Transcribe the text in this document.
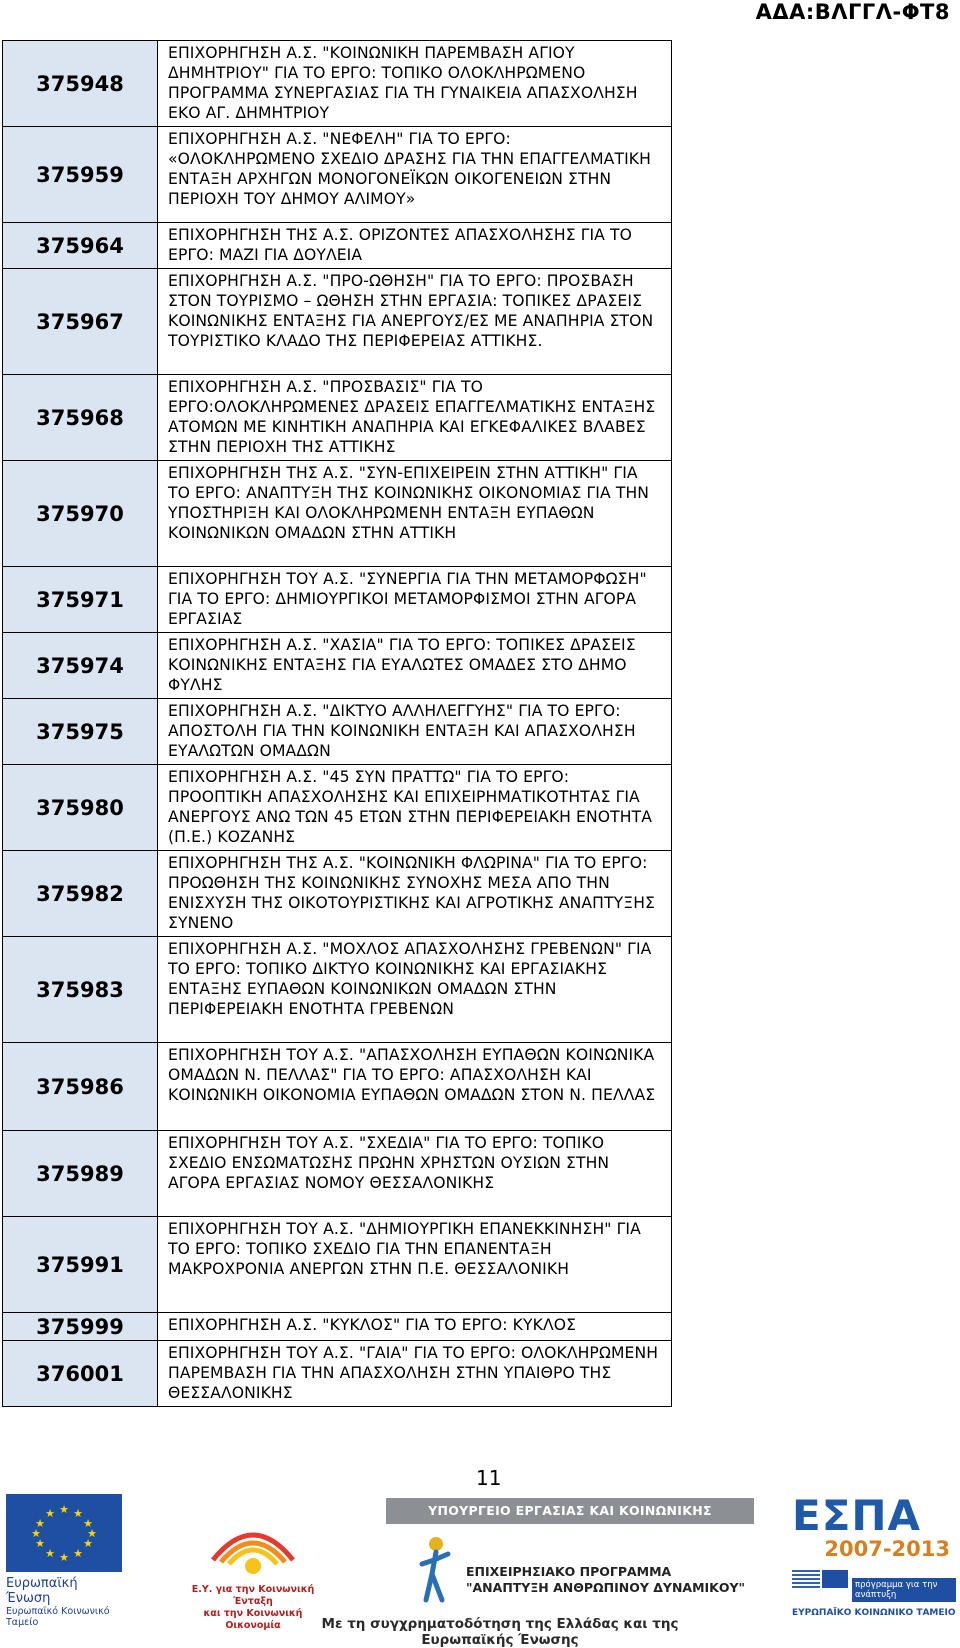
ΑΔΑ:ΒΛΓΓΛ-ΦΤ8
375948	ΕΠΙΧΟΡΗΓΗΣΗ Α.Σ. "ΚΟΙΝΩΝΙΚΗ ΠΑΡΕΜΒΑΣΗ ΑΓΙΟΥ ΔΗΜΗΤΡΙΟΥ" ΓΙΑ ΤΟ ΕΡΓΟ: ΤΟΠΙΚΟ ΟΛΟΚΛΗΡΩΜΕΝΟ ΠΡΟΓΡΑΜΜΑ ΣΥΝΕΡΓΑΣΙΑΣ ΓΙΑ ΤΗ ΓΥΝΑΙΚΕΙΑ ΑΠΑΣΧΟΛΗΣΗ ΕΚΟ ΑΓ. ΔΗΜΗΤΡΙΟΥ
375959	ΕΠΙΧΟΡΗΓΗΣΗ Α.Σ. "ΝΕΦΕΛΗ" ΓΙΑ ΤΟ ΕΡΓΟ: «ΟΛΟΚΛΗΡΩΜΕΝΟ ΣΧΕΔΙΟ ΔΡΑΣΗΣ ΓΙΑ ΤΗΝ ΕΠΑΓΓΕΛΜΑΤΙΚΗ ΕΝΤΑΞΗ ΑΡΧΗΓΩΝ ΜΟΝΟΓΟΝΕΪΚΩΝ ΟΙΚΟΓΕΝΕΙΩΝ ΣΤΗΝ ΠΕΡΙΟΧΗ ΤΟΥ ΔΗΜΟΥ ΑΛΙΜΟΥ»
375964	ΕΠΙΧΟΡΗΓΗΣΗ ΤΗΣ Α.Σ. ΟΡΙΖΟΝΤΕΣ ΑΠΑΣΧΟΛΗΣΗΣ ΓΙΑ ΤΟ ΕΡΓΟ: ΜΑΖΙ ΓΙΑ ΔΟΥΛΕΙΑ
375967	ΕΠΙΧΟΡΗΓΗΣΗ Α.Σ. "ΠΡΟ-ΩΘΗΣΗ" ΓΙΑ ΤΟ ΕΡΓΟ: ΠΡΟΣΒΑΣΗ ΣΤΟΝ ΤΟΥΡΙΣΜΟ – ΩΘΗΣΗ ΣΤΗΝ ΕΡΓΑΣΙΑ: ΤΟΠΙΚΕΣ ΔΡΑΣΕΙΣ ΚΟΙΝΩΝΙΚΗΣ ΕΝΤΑΞΗΣ ΓΙΑ ΑΝΕΡΓΟΥΣ/ΕΣ ΜΕ ΑΝΑΠΗΡΙΑ ΣΤΟΝ ΤΟΥΡΙΣΤΙΚΟ ΚΛΑΔΟ ΤΗΣ ΠΕΡΙΦΕΡΕΙΑΣ ΑΤΤΙΚΗΣ.
375968	ΕΠΙΧΟΡΗΓΗΣΗ Α.Σ. "ΠΡΟΣΒΑΣΙΣ" ΓΙΑ ΤΟ ΕΡΓΟ:ΟΛΟΚΛΗΡΩΜΕΝΕΣ ΔΡΑΣΕΙΣ ΕΠΑΓΓΕΛΜΑΤΙΚΗΣ ΕΝΤΑΞΗΣ ΑΤΟΜΩΝ ΜΕ ΚΙΝΗΤΙΚΗ ΑΝΑΠΗΡΙΑ ΚΑΙ ΕΓΚΕΦΑΛΙΚΕΣ ΒΛΑΒΕΣ ΣΤΗΝ ΠΕΡΙΟΧΗ ΤΗΣ ΑΤΤΙΚΗΣ
375970	ΕΠΙΧΟΡΗΓΗΣΗ ΤΗΣ Α.Σ. "ΣΥΝ-ΕΠΙΧΕΙΡΕΙΝ ΣΤΗΝ ΑΤΤΙΚΗ" ΓΙΑ ΤΟ ΕΡΓΟ: ΑΝΑΠΤΥΞΗ ΤΗΣ ΚΟΙΝΩΝΙΚΗΣ ΟΙΚΟΝΟΜΙΑΣ ΓΙΑ ΤΗΝ ΥΠΟΣΤΗΡΙΞΗ ΚΑΙ ΟΛΟΚΛΗΡΩΜΕΝΗ ΕΝΤΑΞΗ ΕΥΠΑΘΩΝ ΚΟΙΝΩΝΙΚΩΝ ΟΜΑΔΩΝ ΣΤΗΝ ΑΤΤΙΚΗ
375971	ΕΠΙΧΟΡΗΓΗΣΗ ΤΟΥ Α.Σ. "ΣΥΝΕΡΓΙΑ ΓΙΑ ΤΗΝ ΜΕΤΑΜΟΡΦΩΣΗ" ΓΙΑ ΤΟ ΕΡΓΟ: ΔΗΜΙΟΥΡΓΙΚΟΙ ΜΕΤΑΜΟΡΦΙΣΜΟΙ ΣΤΗΝ ΑΓΟΡΑ ΕΡΓΑΣΙΑΣ
375974	ΕΠΙΧΟΡΗΓΗΣΗ Α.Σ. "ΧΑΣΙΑ" ΓΙΑ ΤΟ ΕΡΓΟ: ΤΟΠΙΚΕΣ ΔΡΑΣΕΙΣ ΚΟΙΝΩΝΙΚΗΣ ΕΝΤΑΞΗΣ ΓΙΑ ΕΥΑΛΩΤΕΣ ΟΜΑΔΕΣ ΣΤΟ ΔΗΜΟ ΦΥΛΗΣ
375975	ΕΠΙΧΟΡΗΓΗΣΗ Α.Σ. "ΔΙΚΤΥΟ ΑΛΛΗΛΕΓΓΥΗΣ" ΓΙΑ ΤΟ ΕΡΓΟ: ΑΠΟΣΤΟΛΗ ΓΙΑ ΤΗΝ ΚΟΙΝΩΝΙΚΗ ΕΝΤΑΞΗ ΚΑΙ ΑΠΑΣΧΟΛΗΣΗ ΕΥΑΛΩΤΩΝ ΟΜΑΔΩΝ
375980	ΕΠΙΧΟΡΗΓΗΣΗ Α.Σ. "45 ΣΥΝ ΠΡΑΤΤΩ" ΓΙΑ ΤΟ ΕΡΓΟ: ΠΡΟΟΠΤΙΚΗ ΑΠΑΣΧΟΛΗΣΗΣ ΚΑΙ ΕΠΙΧΕΙΡΗΜΑΤΙΚΟΤΗΤΑΣ ΓΙΑ ΑΝΕΡΓΟΥΣ ΑΝΩ ΤΩΝ 45 ΕΤΩΝ ΣΤΗΝ ΠΕΡΙΦΕΡΕΙΑΚΗ ΕΝΟΤΗΤΑ (Π.Ε.) ΚΟΖΑΝΗΣ
375982	ΕΠΙΧΟΡΗΓΗΣΗ ΤΗΣ Α.Σ. "ΚΟΙΝΩΝΙΚΗ ΦΛΩΡΙΝΑ" ΓΙΑ ΤΟ ΕΡΓΟ: ΠΡΟΩΘΗΣΗ ΤΗΣ ΚΟΙΝΩΝΙΚΗΣ ΣΥΝΟΧΗΣ ΜΕΣΑ ΑΠΟ ΤΗΝ ΕΝΙΣΧΥΣΗ ΤΗΣ ΟΙΚΟΤΟΥΡΙΣΤΙΚΗΣ ΚΑΙ ΑΓΡΟΤΙΚΗΣ ΑΝΑΠΤΥΞΗΣ ΣΥΝΕΝΟ
375983	ΕΠΙΧΟΡΗΓΗΣΗ Α.Σ. "ΜΟΧΛΟΣ ΑΠΑΣΧΟΛΗΣΗΣ ΓΡΕΒΕΝΩΝ" ΓΙΑ ΤΟ ΕΡΓΟ: ΤΟΠΙΚΟ ΔΙΚΤΥΟ ΚΟΙΝΩΝΙΚΗΣ ΚΑΙ ΕΡΓΑΣΙΑΚΗΣ ΕΝΤΑΞΗΣ ΕΥΠΑΘΩΝ ΚΟΙΝΩΝΙΚΩΝ ΟΜΑΔΩΝ ΣΤΗΝ ΠΕΡΙΦΕΡΕΙΑΚΗ ΕΝΟΤΗΤΑ ΓΡΕΒΕΝΩΝ
375986	ΕΠΙΧΟΡΗΓΗΣΗ ΤΟΥ Α.Σ. "ΑΠΑΣΧΟΛΗΣΗ ΕΥΠΑΘΩΝ ΚΟΙΝΩΝΙΚΑ ΟΜΑΔΩΝ Ν. ΠΕΛΛΑΣ" ΓΙΑ ΤΟ ΕΡΓΟ: ΑΠΑΣΧΟΛΗΣΗ ΚΑΙ ΚΟΙΝΩΝΙΚΗ ΟΙΚΟΝΟΜΙΑ ΕΥΠΑΘΩΝ ΟΜΑΔΩΝ ΣΤΟΝ Ν. ΠΕΛΛΑΣ
375989	ΕΠΙΧΟΡΗΓΗΣΗ ΤΟΥ Α.Σ. "ΣΧΕΔΙΑ" ΓΙΑ ΤΟ ΕΡΓΟ: ΤΟΠΙΚΟ ΣΧΕΔΙΟ ΕΝΣΩΜΑΤΩΣΗΣ ΠΡΩΗΝ ΧΡΗΣΤΩΝ ΟΥΣΙΩΝ ΣΤΗΝ ΑΓΟΡΑ ΕΡΓΑΣΙΑΣ ΝΟΜΟΥ ΘΕΣΣΑΛΟΝΙΚΗΣ
375991	ΕΠΙΧΟΡΗΓΗΣΗ ΤΟΥ Α.Σ. "ΔΗΜΙΟΥΡΓΙΚΗ ΕΠΑΝΕΚΚΙΝΗΣΗ" ΓΙΑ ΤΟ ΕΡΓΟ: ΤΟΠΙΚΟ ΣΧΕΔΙΟ ΓΙΑ ΤΗΝ ΕΠΑΝΕΝΤΑΞΗ ΜΑΚΡΟΧΡΟΝΙΑ ΑΝΕΡΓΩΝ ΣΤΗΝ Π.Ε. ΘΕΣΣΑΛΟΝΙΚΗ
375999	ΕΠΙΧΟΡΗΓΗΣΗ Α.Σ. "ΚΥΚΛΟΣ" ΓΙΑ ΤΟ ΕΡΓΟ: ΚΥΚΛΟΣ
376001	ΕΠΙΧΟΡΗΓΗΣΗ ΤΟΥ Α.Σ. "ΓΑΙΑ" ΓΙΑ ΤΟ ΕΡΓΟ: ΟΛΟΚΛΗΡΩΜΕΝΗ ΠΑΡΕΜΒΑΣΗ ΓΙΑ ΤΗΝ ΑΠΑΣΧΟΛΗΣΗ ΣΤΗΝ ΥΠΑΙΘΡΟ ΤΗΣ ΘΕΣΣΑΛΟΝΙΚΗΣ
11
★ ★
★
★
★
★
★
★
★
★
★
★
Ευρωπαϊκή Ένωση
Ευρωπαϊκό Κοινωνικό Ταμείο
Ε.Υ. για την Κοινωνική Ένταξη
και την Κοινωνική Οικονομία
ΥΠΟΥΡΓΕΙΟ ΕΡΓΑΣΙΑΣ ΚΑΙ ΚΟΙΝΩΝΙΚΗΣ ΑΣΦΑΛΙΣΗΣ
ΕΠΙΧΕΙΡΗΣΙΑΚΟ ΠΡΟΓΡΑΜΜΑ
"ΑΝΑΠΤΥΞΗ ΑΝΘΡΩΠΙΝΟΥ ΔΥΝΑΜΙΚΟΥ"
ΕΣΠΑ
2007-2013
πρόγραμμα για την ανάπτυξη
ΕΥΡΩΠΑΪΚΟ ΚΟΙΝΩΝΙΚΟ ΤΑΜΕΙΟ
Με τη συγχρηματοδότηση της Ελλάδας και της Ευρωπαϊκής Ένωσης
